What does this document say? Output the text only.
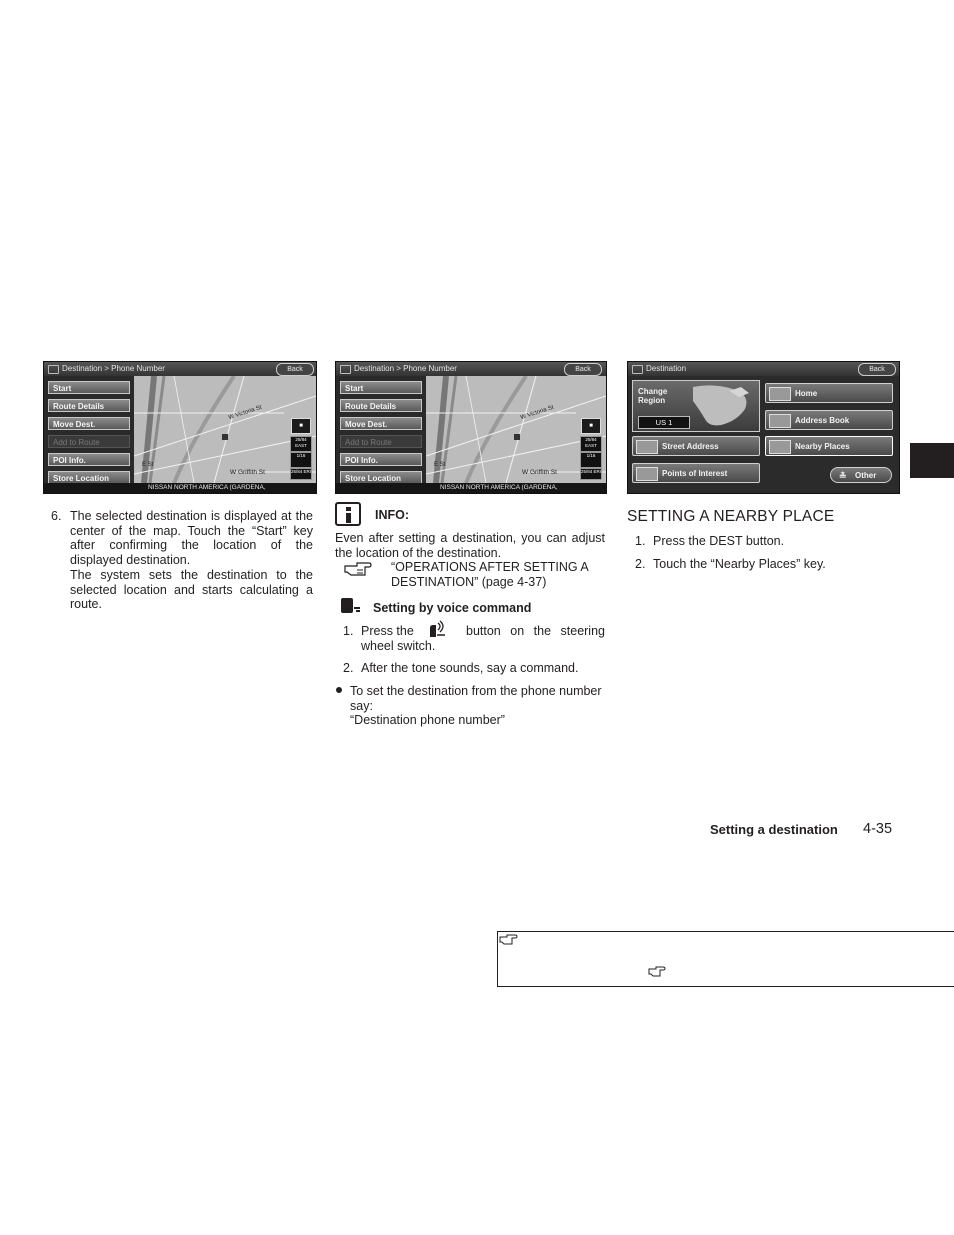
Destination > Phone Number	Back
Start
Route Details
Move Dest.
Add to Route
POI Info.
Store Location
W Victoria St
E St
W Griffith St
■
25/84 EAST
1/16
25/84 ERI
NISSAN NORTH AMERICA (GARDENA,
Destination > Phone Number	Back
Start
Route Details
Move Dest.
Add to Route
POI Info.
Store Location
W Victoria St
E St
W Griffith St
■
25/84 EAST
1/16
25/84 ERI
NISSAN NORTH AMERICA (GARDENA,
Destination	Back
Change Region
US 1
Home
Address Book
Street Address	Nearby Places
Points of Interest	≛ Other
6. The selected destination is displayed at the center of the map. Touch the “Start” key after confirming the location of the displayed destination.
The system sets the destination to the selected location and starts calculating a route.
INFO:
Even after setting a destination, you can adjust the location of the destination.
“OPERATIONS AFTER SETTING A DESTINATION” (page 4-37)
Setting by voice command
1. Press the	button on the steering wheel switch.
2. After the tone sounds, say a command.
To set the destination from the phone number say:
“Destination phone number”
SETTING A NEARBY PLACE
1. Press the DEST button.
2. Touch the “Nearby Places” key.
Setting a destination 4-35
